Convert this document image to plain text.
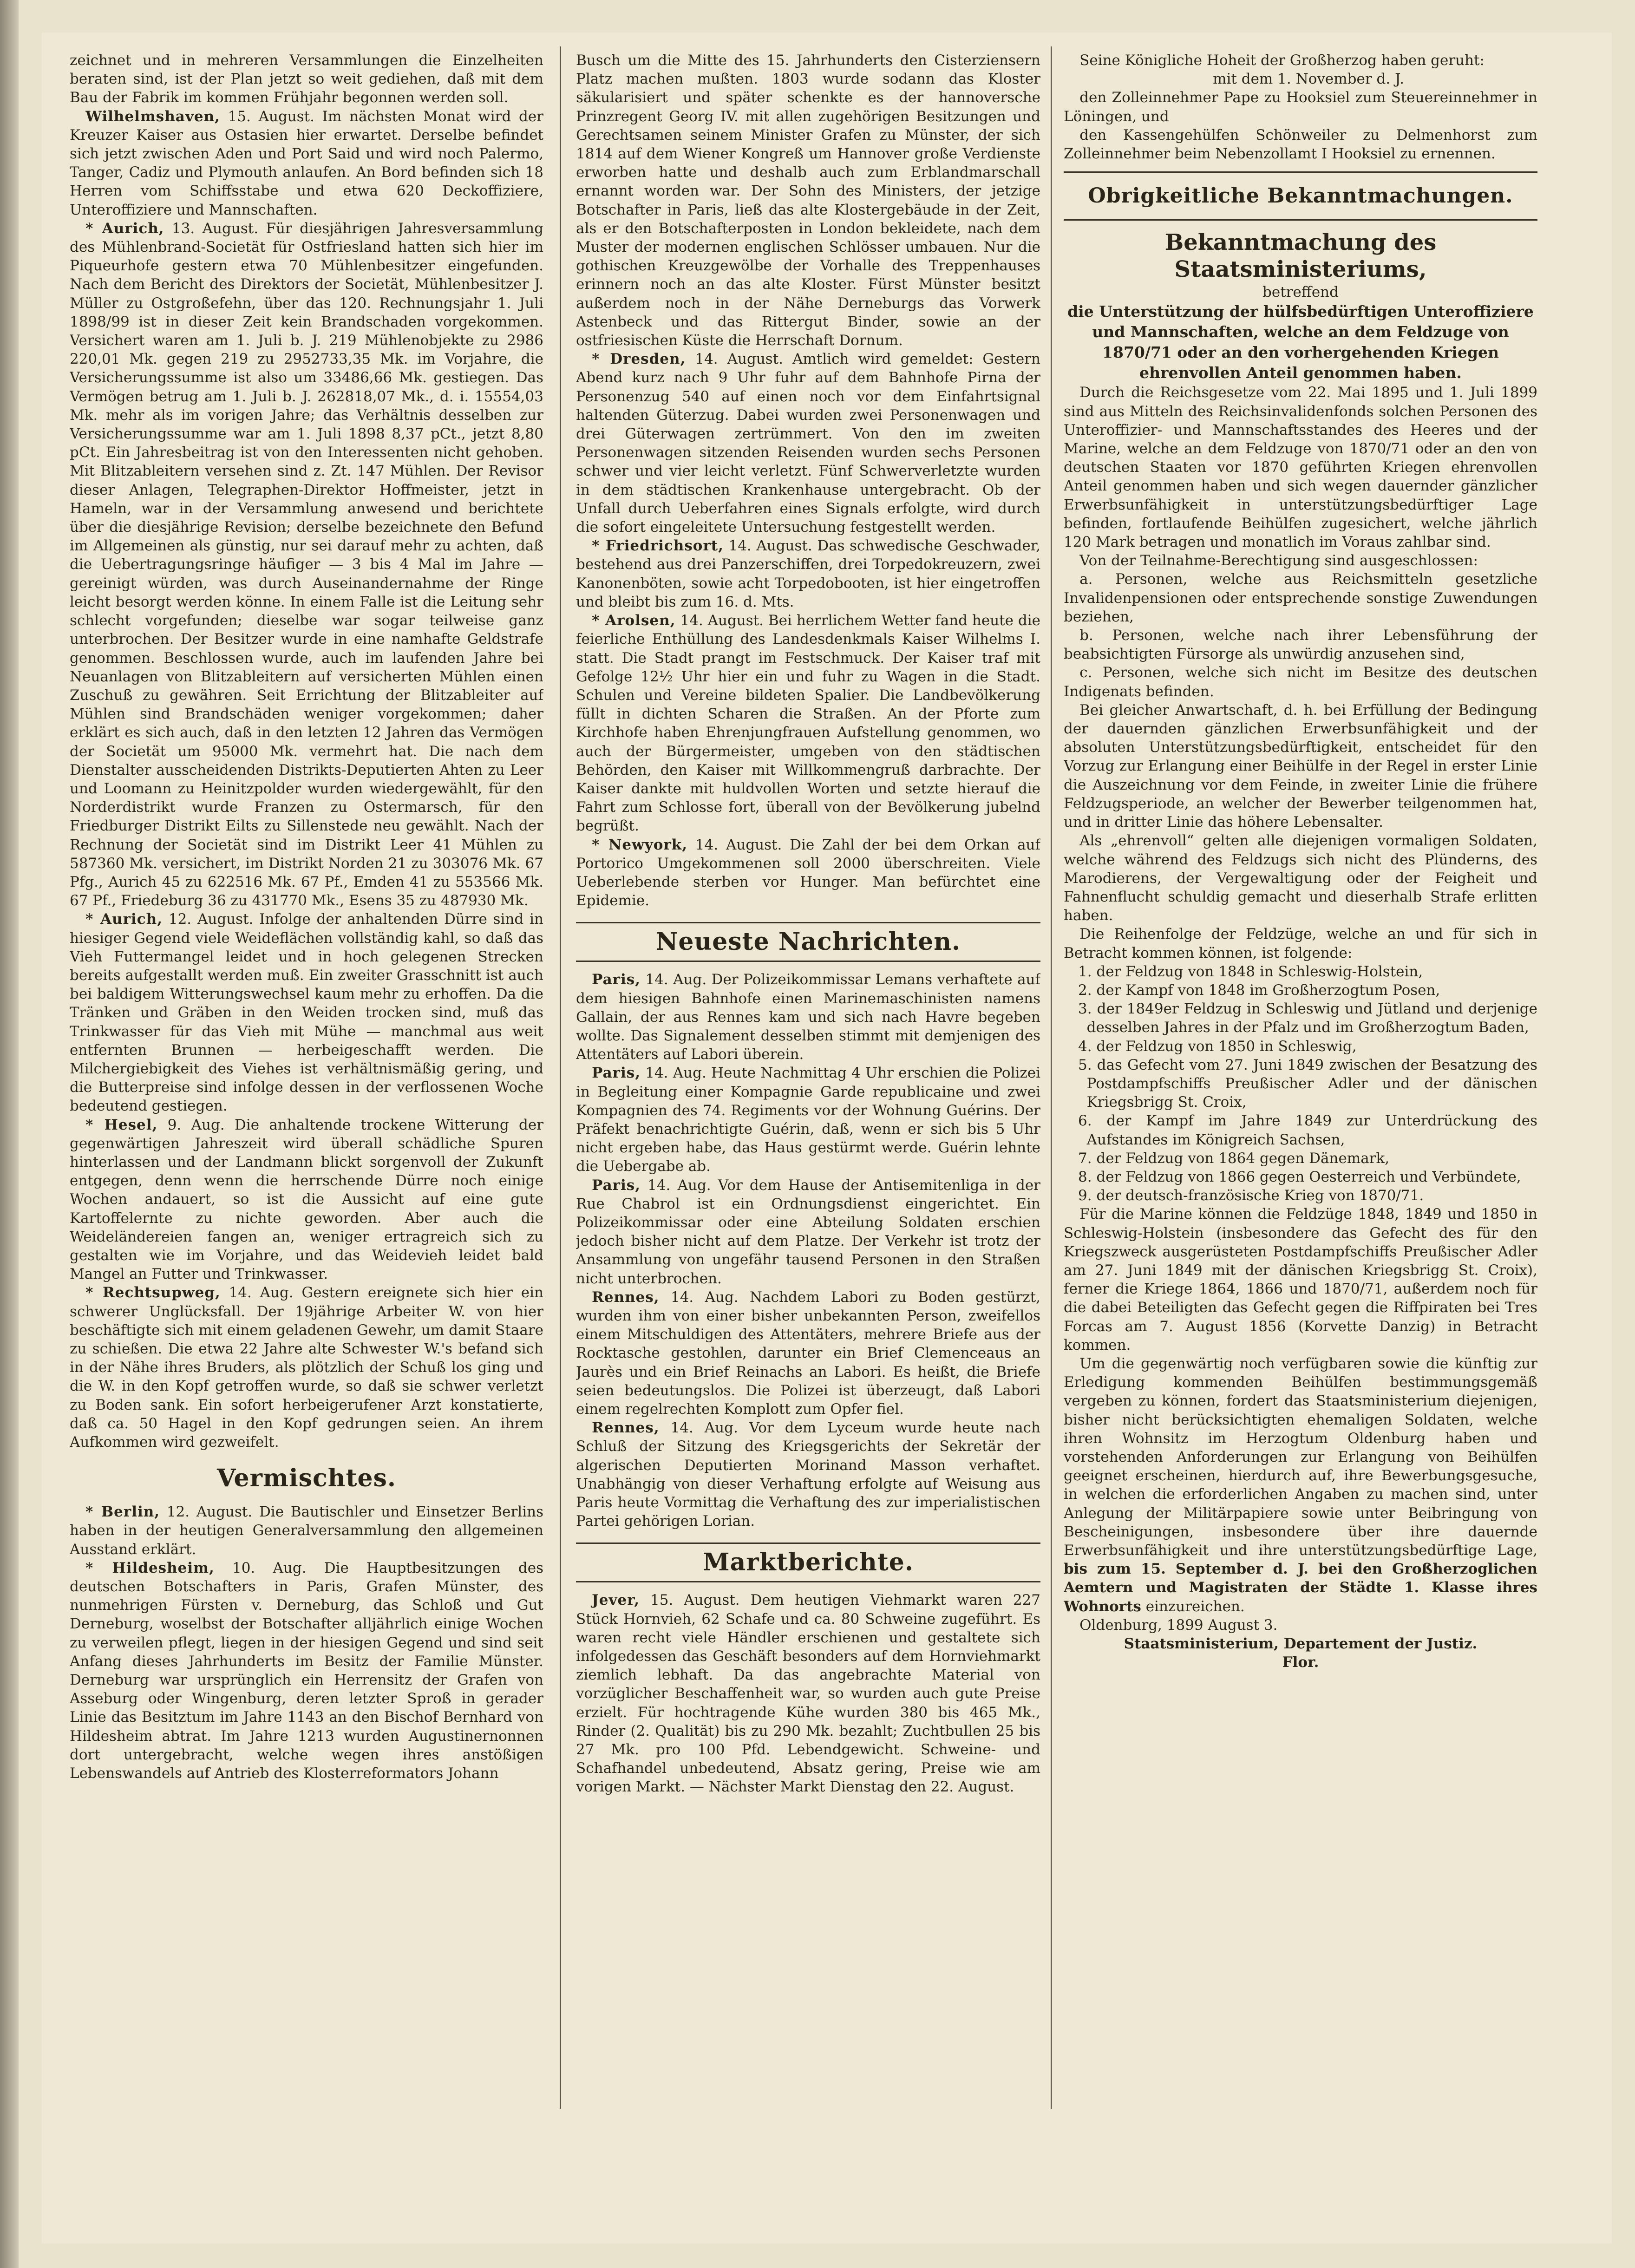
zeichnet und in mehreren Versammlungen die Einzelheiten beraten sind, ist der Plan jetzt so weit gediehen, daß mit dem Bau der Fabrik im kommen Frühjahr begonnen werden soll.

Wilhelmshaven, 15. August. Im nächsten Monat wird der Kreuzer Kaiser aus Ostasien hier erwartet. Derselbe befindet sich jetzt zwischen Aden und Port Said und wird noch Palermo, Tanger, Cadiz und Plymouth anlaufen. An Bord befinden sich 18 Herren vom Schiffsstabe und etwa 620 Deckoffiziere, Unteroffiziere und Mannschaften.

* Aurich, 13. August. Für diesjährigen Jahresversammlung des Mühlenbrand-Societät für Ostfriesland hatten sich hier im Piqueurhofe gestern etwa 70 Mühlenbesitzer eingefunden. Nach dem Bericht des Direktors der Societät, Mühlenbesitzer J. Müller zu Ostgroßefehn, über das 120. Rechnungsjahr 1. Juli 1898/99 ist in dieser Zeit kein Brandschaden vorgekommen. Versichert waren am 1. Juli b. J. 219 Mühlenobjekte zu 2986 220,01 Mk. gegen 219 zu 2952733,35 Mk. im Vorjahre, die Versicherungssumme ist also um 33486,66 Mk. gestiegen. Das Vermögen betrug am 1. Juli b. J. 262818,07 Mk., d. i. 15554,03 Mk. mehr als im vorigen Jahre; das Verhältnis desselben zur Versicherungssumme war am 1. Juli 1898 8,37 pCt., jetzt 8,80 pCt. Ein Jahresbeitrag ist von den Interessenten nicht gehoben. Mit Blitzableitern versehen sind z. Zt. 147 Mühlen. Der Revisor dieser Anlagen, Telegraphen-Direktor Hoffmeister, jetzt in Hameln, war in der Versammlung anwesend und berichtete über die diesjährige Revision; derselbe bezeichnete den Befund im Allgemeinen als günstig, nur sei darauf mehr zu achten, daß die Uebertragungsringe häufiger — 3 bis 4 Mal im Jahre — gereinigt würden, was durch Auseinandernahme der Ringe leicht besorgt werden könne. In einem Falle ist die Leitung sehr schlecht vorgefunden; dieselbe war sogar teilweise ganz unterbrochen. Der Besitzer wurde in eine namhafte Geldstrafe genommen. Beschlossen wurde, auch im laufenden Jahre bei Neuanlagen von Blitzableitern auf versicherten Mühlen einen Zuschuß zu gewähren. Seit Errichtung der Blitzableiter auf Mühlen sind Brandschäden weniger vorgekommen; daher erklärt es sich auch, daß in den letzten 12 Jahren das Vermögen der Societät um 95000 Mk. vermehrt hat. Die nach dem Dienstalter ausscheidenden Distrikts-Deputierten Ahten zu Leer und Loomann zu Heinitzpolder wurden wiedergewählt, für den Norderdistrikt wurde Franzen zu Ostermarsch, für den Friedburger Distrikt Eilts zu Sillenstede neu gewählt. Nach der Rechnung der Societät sind im Distrikt Leer 41 Mühlen zu 587360 Mk. versichert, im Distrikt Norden 21 zu 303076 Mk. 67 Pfg., Aurich 45 zu 622516 Mk. 67 Pf., Emden 41 zu 553566 Mk. 67 Pf., Friedeburg 36 zu 431770 Mk., Esens 35 zu 487930 Mk.

* Aurich, 12. August. Infolge der anhaltenden Dürre sind in hiesiger Gegend viele Weideflächen vollständig kahl, so daß das Vieh Futtermangel leidet und in hoch gelegenen Strecken bereits aufgestallt werden muß. Ein zweiter Grasschnitt ist auch bei baldigem Witterungswechsel kaum mehr zu erhoffen. Da die Tränken und Gräben in den Weiden trocken sind, muß das Trinkwasser für das Vieh mit Mühe — manchmal aus weit entfernten Brunnen — herbeigeschafft werden. Die Milchergiebigkeit des Viehes ist verhältnismäßig gering, und die Butterpreise sind infolge dessen in der verflossenen Woche bedeutend gestiegen.

* Hesel, 9. Aug. Die anhaltende trockene Witterung der gegenwärtigen Jahreszeit wird überall schädliche Spuren hinterlassen und der Landmann blickt sorgenvoll der Zukunft entgegen, denn wenn die herrschende Dürre noch einige Wochen andauert, so ist die Aussicht auf eine gute Kartoffelernte zu nichte geworden. Aber auch die Weideländereien fangen an, weniger ertragreich sich zu gestalten wie im Vorjahre, und das Weidevieh leidet bald Mangel an Futter und Trinkwasser.

* Rechtsupweg, 14. Aug. Gestern ereignete sich hier ein schwerer Unglücksfall. Der 19jährige Arbeiter W. von hier beschäftigte sich mit einem geladenen Gewehr, um damit Staare zu schießen. Die etwa 22 Jahre alte Schwester W.'s befand sich in der Nähe ihres Bruders, als plötzlich der Schuß los ging und die W. in den Kopf getroffen wurde, so daß sie schwer verletzt zu Boden sank. Ein sofort herbeigerufener Arzt konstatierte, daß ca. 50 Hagel in den Kopf gedrungen seien. An ihrem Aufkommen wird gezweifelt.

Vermischtes.

* Berlin, 12. August. Die Bautischler und Einsetzer Berlins haben in der heutigen Generalversammlung den allgemeinen Ausstand erklärt.

* Hildesheim, 10. Aug. Die Hauptbesitzungen des deutschen Botschafters in Paris, Grafen Münster, des nunmehrigen Fürsten v. Derneburg, das Schloß und Gut Derneburg, woselbst der Botschafter alljährlich einige Wochen zu verweilen pflegt, liegen in der hiesigen Gegend und sind seit Anfang dieses Jahrhunderts im Besitz der Familie Münster. Derneburg war ursprünglich ein Herrensitz der Grafen von Asseburg oder Wingenburg, deren letzter Sproß in gerader Linie das Besitztum im Jahre 1143 an den Bischof Bernhard von Hildesheim abtrat. Im Jahre 1213 wurden Augustinernonnen dort untergebracht, welche wegen ihres anstößigen Lebenswandels auf Antrieb des Klosterreformators Johann

Busch um die Mitte des 15. Jahrhunderts den Cisterziensern Platz machen mußten. 1803 wurde sodann das Kloster säkularisiert und später schenkte es der hannoversche Prinzregent Georg IV. mit allen zugehörigen Besitzungen und Gerechtsamen seinem Minister Grafen zu Münster, der sich 1814 auf dem Wiener Kongreß um Hannover große Verdienste erworben hatte und deshalb auch zum Erblandmarschall ernannt worden war. Der Sohn des Ministers, der jetzige Botschafter in Paris, ließ das alte Klostergebäude in der Zeit, als er den Botschafterposten in London bekleidete, nach dem Muster der modernen englischen Schlösser umbauen. Nur die gothischen Kreuzgewölbe der Vorhalle des Treppenhauses erinnern noch an das alte Kloster. Fürst Münster besitzt außerdem noch in der Nähe Derneburgs das Vorwerk Astenbeck und das Rittergut Binder, sowie an der ostfriesischen Küste die Herrschaft Dornum.

* Dresden, 14. August. Amtlich wird gemeldet: Gestern Abend kurz nach 9 Uhr fuhr auf dem Bahnhofe Pirna der Personenzug 540 auf einen noch vor dem Einfahrtsignal haltenden Güterzug. Dabei wurden zwei Personenwagen und drei Güterwagen zertrümmert. Von den im zweiten Personenwagen sitzenden Reisenden wurden sechs Personen schwer und vier leicht verletzt. Fünf Schwerverletzte wurden in dem städtischen Krankenhause untergebracht. Ob der Unfall durch Ueberfahren eines Signals erfolgte, wird durch die sofort eingeleitete Untersuchung festgestellt werden.

* Friedrichsort, 14. August. Das schwedische Geschwader, bestehend aus drei Panzerschiffen, drei Torpedokreuzern, zwei Kanonenböten, sowie acht Torpedobooten, ist hier eingetroffen und bleibt bis zum 16. d. Mts.

* Arolsen, 14. August. Bei herrlichem Wetter fand heute die feierliche Enthüllung des Landesdenkmals Kaiser Wilhelms I. statt. Die Stadt prangt im Festschmuck. Der Kaiser traf mit Gefolge 12½ Uhr hier ein und fuhr zu Wagen in die Stadt. Schulen und Vereine bildeten Spalier. Die Landbevölkerung füllt in dichten Scharen die Straßen. An der Pforte zum Kirchhofe haben Ehrenjungfrauen Aufstellung genommen, wo auch der Bürgermeister, umgeben von den städtischen Behörden, den Kaiser mit Willkommengruß darbrachte. Der Kaiser dankte mit huldvollen Worten und setzte hierauf die Fahrt zum Schlosse fort, überall von der Bevölkerung jubelnd begrüßt.

* Newyork, 14. August. Die Zahl der bei dem Orkan auf Portorico Umgekommenen soll 2000 überschreiten. Viele Ueberlebende sterben vor Hunger. Man befürchtet eine Epidemie.

Neueste Nachrichten.

Paris, 14. Aug. Der Polizeikommissar Lemans verhaftete auf dem hiesigen Bahnhofe einen Marinemaschinisten namens Gallain, der aus Rennes kam und sich nach Havre begeben wollte. Das Signalement desselben stimmt mit demjenigen des Attentäters auf Labori überein.

Paris, 14. Aug. Heute Nachmittag 4 Uhr erschien die Polizei in Begleitung einer Kompagnie Garde republicaine und zwei Kompagnien des 74. Regiments vor der Wohnung Guérins. Der Präfekt benachrichtigte Guérin, daß, wenn er sich bis 5 Uhr nicht ergeben habe, das Haus gestürmt werde. Guérin lehnte die Uebergabe ab.

Paris, 14. Aug. Vor dem Hause der Antisemitenliga in der Rue Chabrol ist ein Ordnungsdienst eingerichtet. Ein Polizeikommissar oder eine Abteilung Soldaten erschien jedoch bisher nicht auf dem Platze. Der Verkehr ist trotz der Ansammlung von ungefähr tausend Personen in den Straßen nicht unterbrochen.

Rennes, 14. Aug. Nachdem Labori zu Boden gestürzt, wurden ihm von einer bisher unbekannten Person, zweifellos einem Mitschuldigen des Attentäters, mehrere Briefe aus der Rocktasche gestohlen, darunter ein Brief Clemenceaus an Jaurès und ein Brief Reinachs an Labori. Es heißt, die Briefe seien bedeutungslos. Die Polizei ist überzeugt, daß Labori einem regelrechten Komplott zum Opfer fiel.

Rennes, 14. Aug. Vor dem Lyceum wurde heute nach Schluß der Sitzung des Kriegsgerichts der Sekretär der algerischen Deputierten Morinand Masson verhaftet. Unabhängig von dieser Verhaftung erfolgte auf Weisung aus Paris heute Vormittag die Verhaftung des zur imperialistischen Partei gehörigen Lorian.

Marktberichte.

Jever, 15. August. Dem heutigen Viehmarkt waren 227 Stück Hornvieh, 62 Schafe und ca. 80 Schweine zugeführt. Es waren recht viele Händler erschienen und gestaltete sich infolgedessen das Geschäft besonders auf dem Hornviehmarkt ziemlich lebhaft. Da das angebrachte Material von vorzüglicher Beschaffenheit war, so wurden auch gute Preise erzielt. Für hochtragende Kühe wurden 380 bis 465 Mk., Rinder (2. Qualität) bis zu 290 Mk. bezahlt; Zuchtbullen 25 bis 27 Mk. pro 100 Pfd. Lebendgewicht. Schweine- und Schafhandel unbedeutend, Absatz gering, Preise wie am vorigen Markt. — Nächster Markt Dienstag den 22. August.

Seine Königliche Hoheit der Großherzog haben geruht:

mit dem 1. November d. J.

den Zolleinnehmer Pape zu Hooksiel zum Steuereinnehmer in Löningen, und

den Kassengehülfen Schönweiler zu Delmenhorst zum Zolleinnehmer beim Nebenzollamt I Hooksiel zu ernennen.

Obrigkeitliche Bekanntmachungen.
Bekanntmachung des Staatsministeriums,

betreffend

die Unterstützung der hülfsbedürftigen Unteroffiziere und Mannschaften, welche an dem Feldzuge von 1870/71 oder an den vorhergehenden Kriegen ehrenvollen Anteil genommen haben.

Durch die Reichsgesetze vom 22. Mai 1895 und 1. Juli 1899 sind aus Mitteln des Reichsinvalidenfonds solchen Personen des Unteroffizier- und Mannschaftsstandes des Heeres und der Marine, welche an dem Feldzuge von 1870/71 oder an den von deutschen Staaten vor 1870 geführten Kriegen ehrenvollen Anteil genommen haben und sich wegen dauernder gänzlicher Erwerbsunfähigkeit in unterstützungsbedürftiger Lage befinden, fortlaufende Beihülfen zugesichert, welche jährlich 120 Mark betragen und monatlich im Voraus zahlbar sind.

Von der Teilnahme-Berechtigung sind ausgeschlossen:

a. Personen, welche aus Reichsmitteln gesetzliche Invalidenpensionen oder entsprechende sonstige Zuwendungen beziehen,

b. Personen, welche nach ihrer Lebensführung der beabsichtigten Fürsorge als unwürdig anzusehen sind,

c. Personen, welche sich nicht im Besitze des deutschen Indigenats befinden.

Bei gleicher Anwartschaft, d. h. bei Erfüllung der Bedingung der dauernden gänzlichen Erwerbsunfähigkeit und der absoluten Unterstützungsbedürftigkeit, entscheidet für den Vorzug zur Erlangung einer Beihülfe in der Regel in erster Linie die Auszeichnung vor dem Feinde, in zweiter Linie die frühere Feldzugsperiode, an welcher der Bewerber teilgenommen hat, und in dritter Linie das höhere Lebensalter.

Als „ehrenvoll“ gelten alle diejenigen vormaligen Soldaten, welche während des Feldzugs sich nicht des Plünderns, des Marodierens, der Vergewaltigung oder der Feigheit und Fahnenflucht schuldig gemacht und dieserhalb Strafe erlitten haben.

Die Reihenfolge der Feldzüge, welche an und für sich in Betracht kommen können, ist folgende:

1. der Feldzug von 1848 in Schleswig-Holstein,

2. der Kampf von 1848 im Großherzogtum Posen,

3. der 1849er Feldzug in Schleswig und Jütland und derjenige desselben Jahres in der Pfalz und im Großherzogtum Baden,

4. der Feldzug von 1850 in Schleswig,

5. das Gefecht vom 27. Juni 1849 zwischen der Besatzung des Postdampfschiffs Preußischer Adler und der dänischen Kriegsbrigg St. Croix,

6. der Kampf im Jahre 1849 zur Unterdrückung des Aufstandes im Königreich Sachsen,

7. der Feldzug von 1864 gegen Dänemark,

8. der Feldzug von 1866 gegen Oesterreich und Verbündete,

9. der deutsch-französische Krieg von 1870/71.

Für die Marine können die Feldzüge 1848, 1849 und 1850 in Schleswig-Holstein (insbesondere das Gefecht des für den Kriegszweck ausgerüsteten Postdampfschiffs Preußischer Adler am 27. Juni 1849 mit der dänischen Kriegsbrigg St. Croix), ferner die Kriege 1864, 1866 und 1870/71, außerdem noch für die dabei Beteiligten das Gefecht gegen die Riffpiraten bei Tres Forcas am 7. August 1856 (Korvette Danzig) in Betracht kommen.

Um die gegenwärtig noch verfügbaren sowie die künftig zur Erledigung kommenden Beihülfen bestimmungsgemäß vergeben zu können, fordert das Staatsministerium diejenigen, bisher nicht berücksichtigten ehemaligen Soldaten, welche ihren Wohnsitz im Herzogtum Oldenburg haben und vorstehenden Anforderungen zur Erlangung von Beihülfen geeignet erscheinen, hierdurch auf, ihre Bewerbungsgesuche, in welchen die erforderlichen Angaben zu machen sind, unter Anlegung der Militärpapiere sowie unter Beibringung von Bescheinigungen, insbesondere über ihre dauernde Erwerbsunfähigkeit und ihre unterstützungsbedürftige Lage, bis zum 15. September d. J. bei den Großherzoglichen Aemtern und Magistraten der Städte 1. Klasse ihres Wohnorts einzureichen.

Oldenburg, 1899 August 3.

Staatsministerium, Departement der Justiz.
Flor.
